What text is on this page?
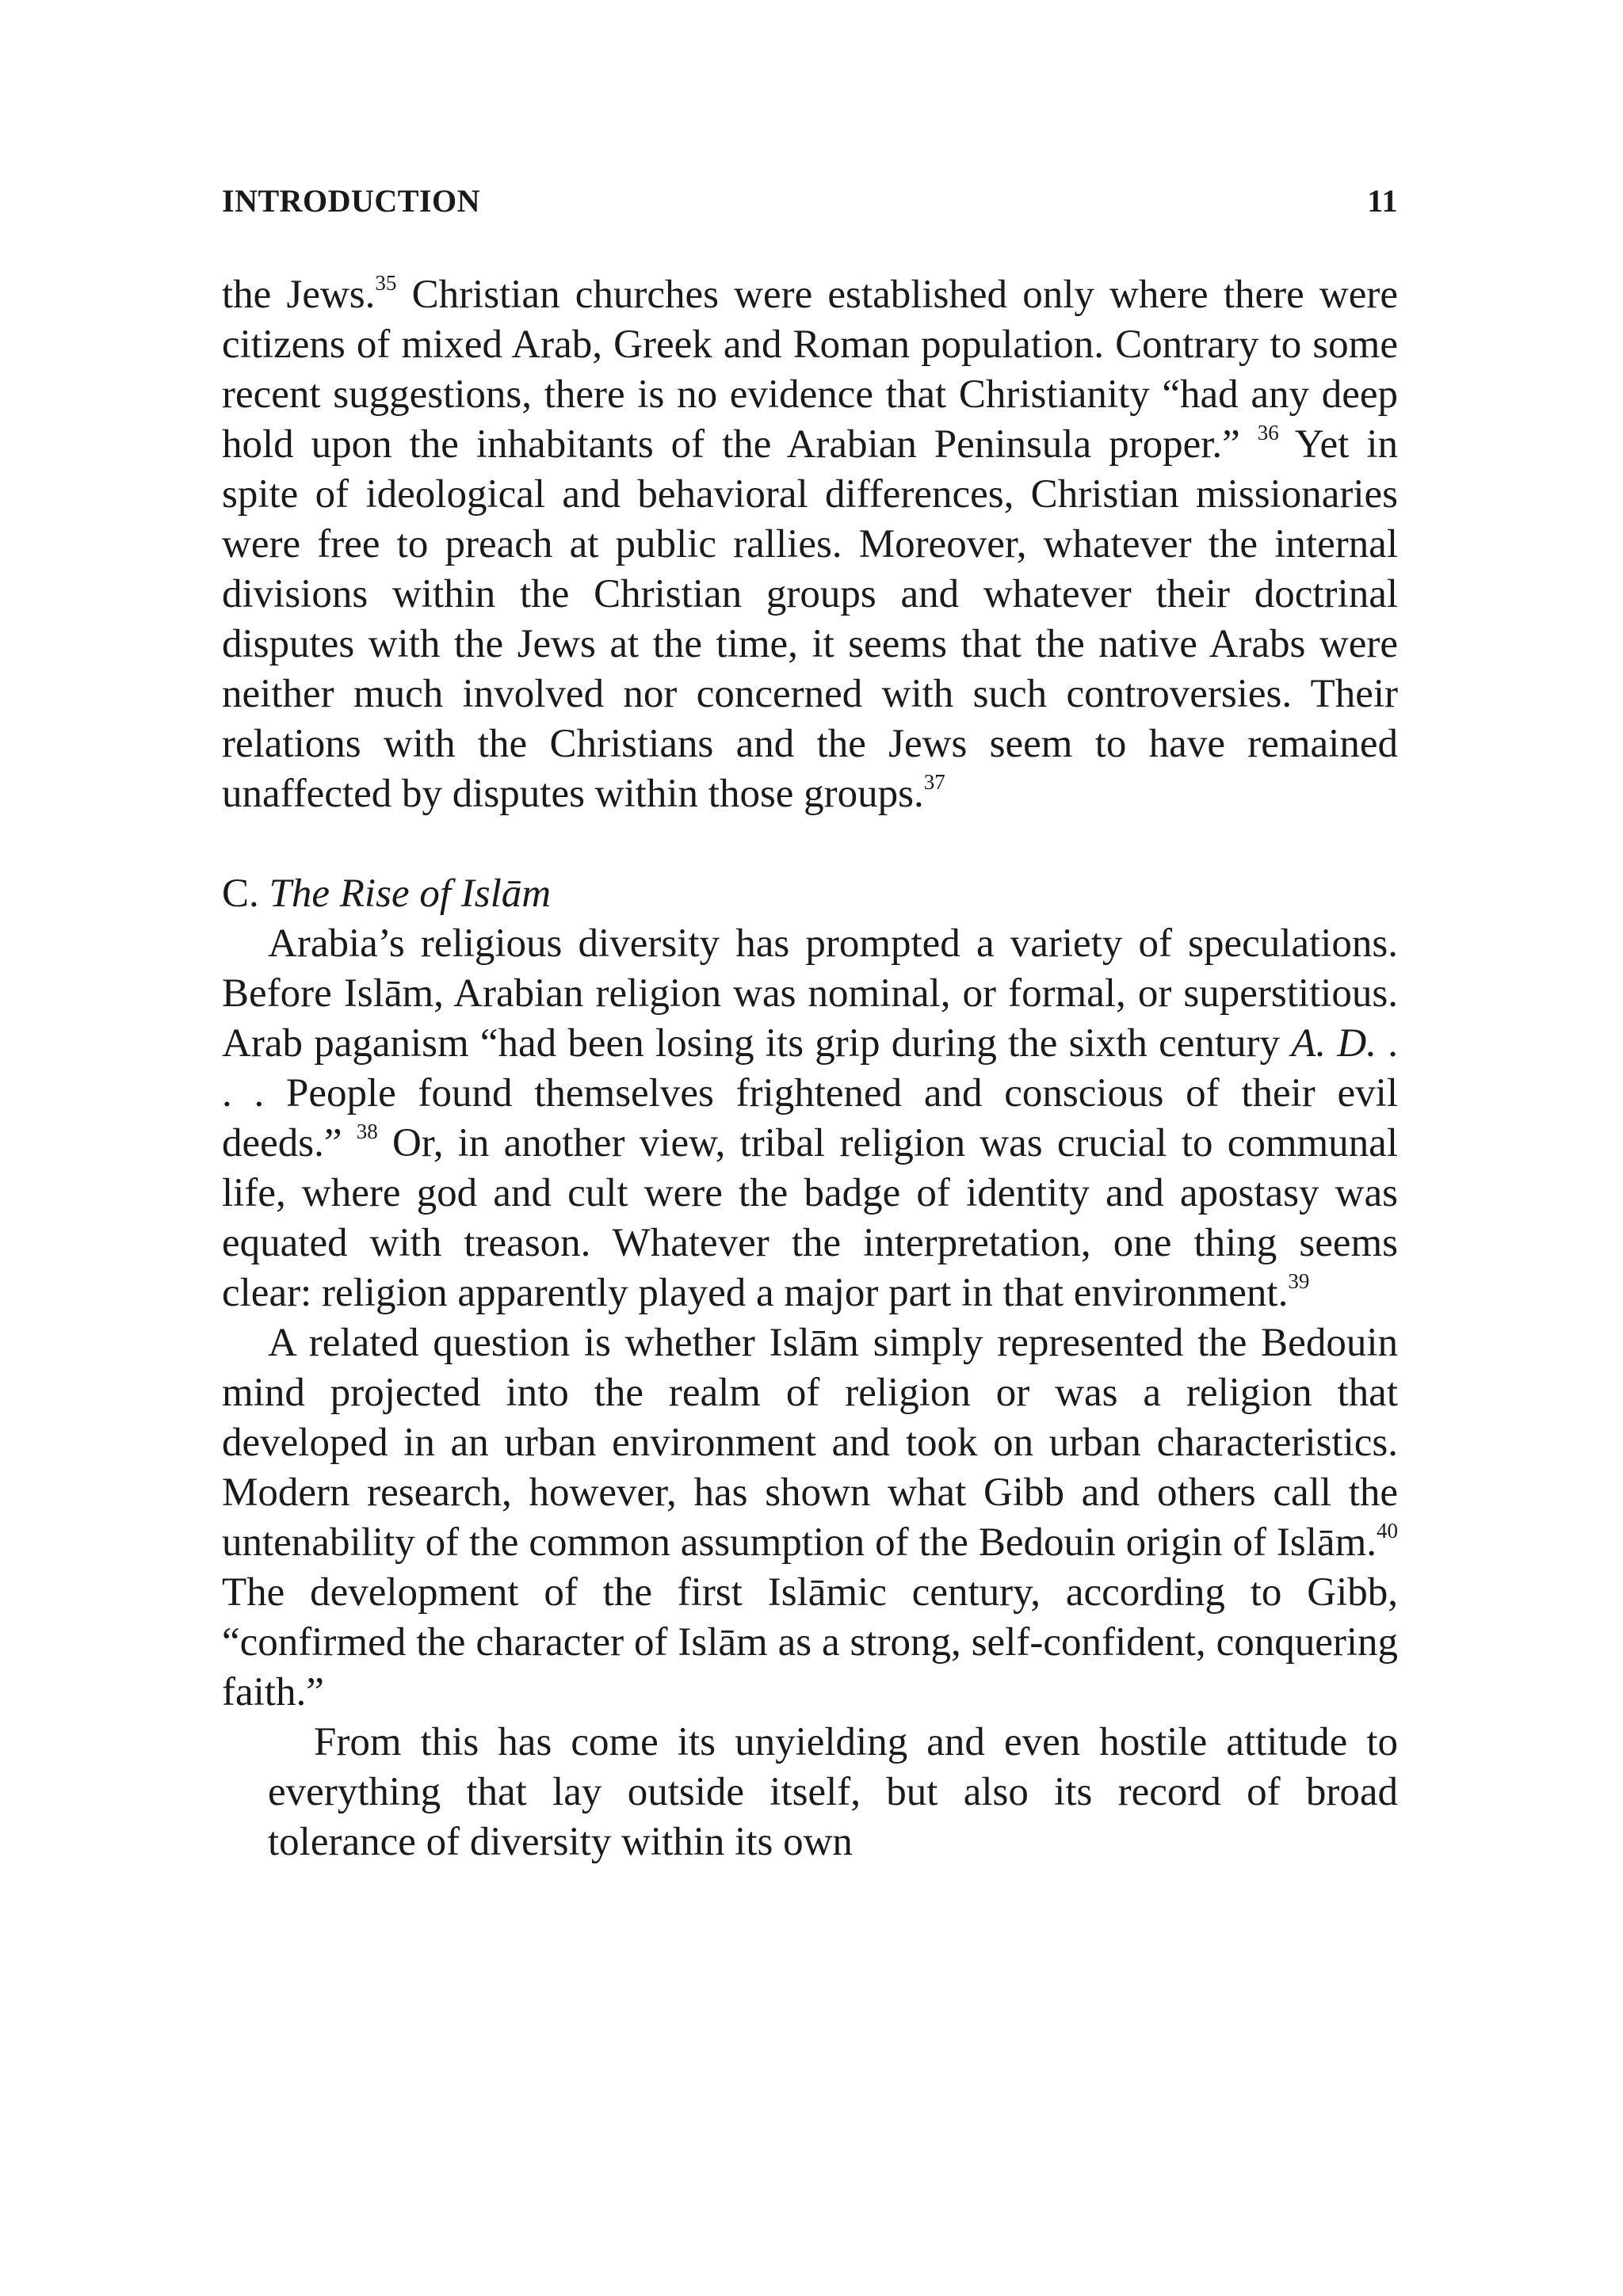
INTRODUCTION	11

the Jews.$^{35}$ Christian churches were established only where there were citizens of mixed Arab, Greek and Roman population. Contrary to some recent suggestions, there is no evidence that Christianity “had any deep hold upon the inhabitants of the Arabian Peninsula proper.” $^{36}$ Yet in spite of ideological and behavioral differences, Christian missionaries were free to preach at public rallies. Moreover, whatever the internal divisions within the Christian groups and whatever their doctrinal disputes with the Jews at the time, it seems that the native Arabs were neither much involved nor concerned with such controversies. Their relations with the Christians and the Jews seem to have remained unaffected by disputes within those groups.$^{37}$

C. The Rise of Islām

Arabia’s religious diversity has prompted a variety of speculations. Before Islām, Arabian religion was nominal, or formal, or superstitious. Arab paganism “had been losing its grip during the sixth century A. D. . . . People found themselves frightened and conscious of their evil deeds.” $^{38}$ Or, in another view, tribal religion was crucial to communal life, where god and cult were the badge of identity and apostasy was equated with treason. Whatever the interpretation, one thing seems clear: religion apparently played a major part in that environment.$^{39}$

A related question is whether Islām simply represented the Bedouin mind projected into the realm of religion or was a religion that developed in an urban environment and took on urban characteristics. Modern research, however, has shown what Gibb and others call the untenability of the common assumption of the Bedouin origin of Islām.$^{40}$ The development of the first Islāmic century, according to Gibb, “confirmed the character of Islām as a strong, self-confident, conquering faith.”

From this has come its unyielding and even hostile attitude to everything that lay outside itself, but also its record of broad tolerance of diversity within its own
